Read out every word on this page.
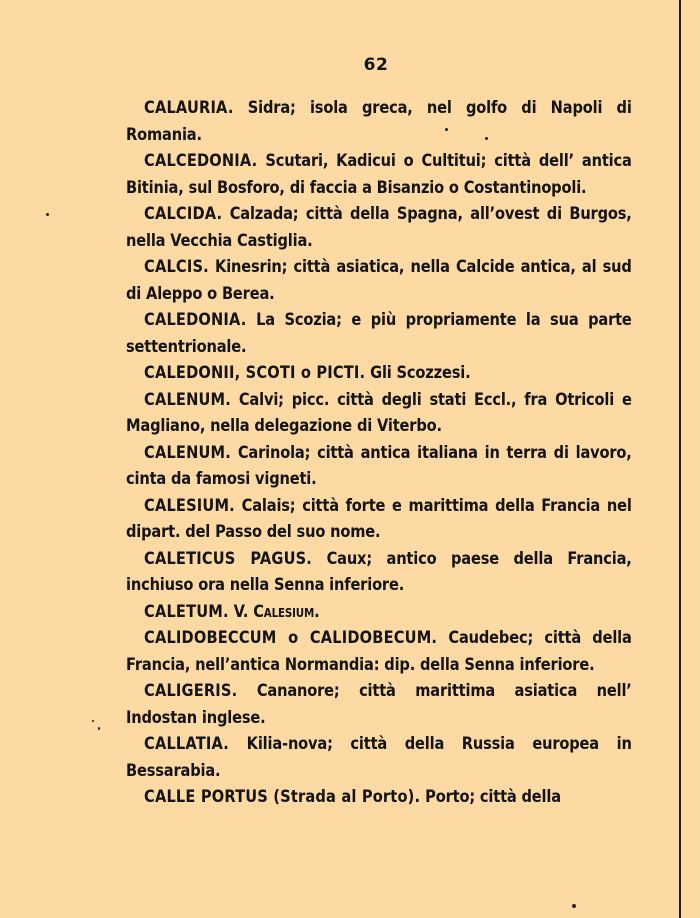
62

CALAURIA. Sidra; isola greca, nel golfo di Napoli di Romania.

CALCEDONIA. Scutari, Kadicui o Cultitui; città dell’ antica Bitinia, sul Bosforo, di faccia a Bisanzio o Costantinopoli.

CALCIDA. Calzada; città della Spagna, all’ovest di Burgos, nella Vecchia Castiglia.

CALCIS. Kinesrin; città asiatica, nella Calcide antica, al sud di Aleppo o Berea.

CALEDONIA. La Scozia; e più propriamente la sua parte settentrionale.

CALEDONII, SCOTI o PICTI. Gli Scozzesi.

CALENUM. Calvi; picc. città degli stati Eccl., fra Otricoli e Magliano, nella delegazione di Viterbo.

CALENUM. Carinola; città antica italiana in terra di lavoro, cinta da famosi vigneti.

CALESIUM. Calais; città forte e marittima della Francia nel dipart. del Passo del suo nome.

CALETICUS PAGUS. Caux; antico paese della Francia, inchiuso ora nella Senna inferiore.

CALETUM. V. Calesium.

CALIDOBECCUM o CALIDOBECUM. Caudebec; città della Francia, nell’antica Normandia: dip. della Senna inferiore.

CALIGERIS. Cananore; città marittima asiatica nell’ Indostan inglese.

CALLATIA. Kilia-nova; città della Russia europea in Bessarabia.

CALLE PORTUS (Strada al Porto). Porto; città della
